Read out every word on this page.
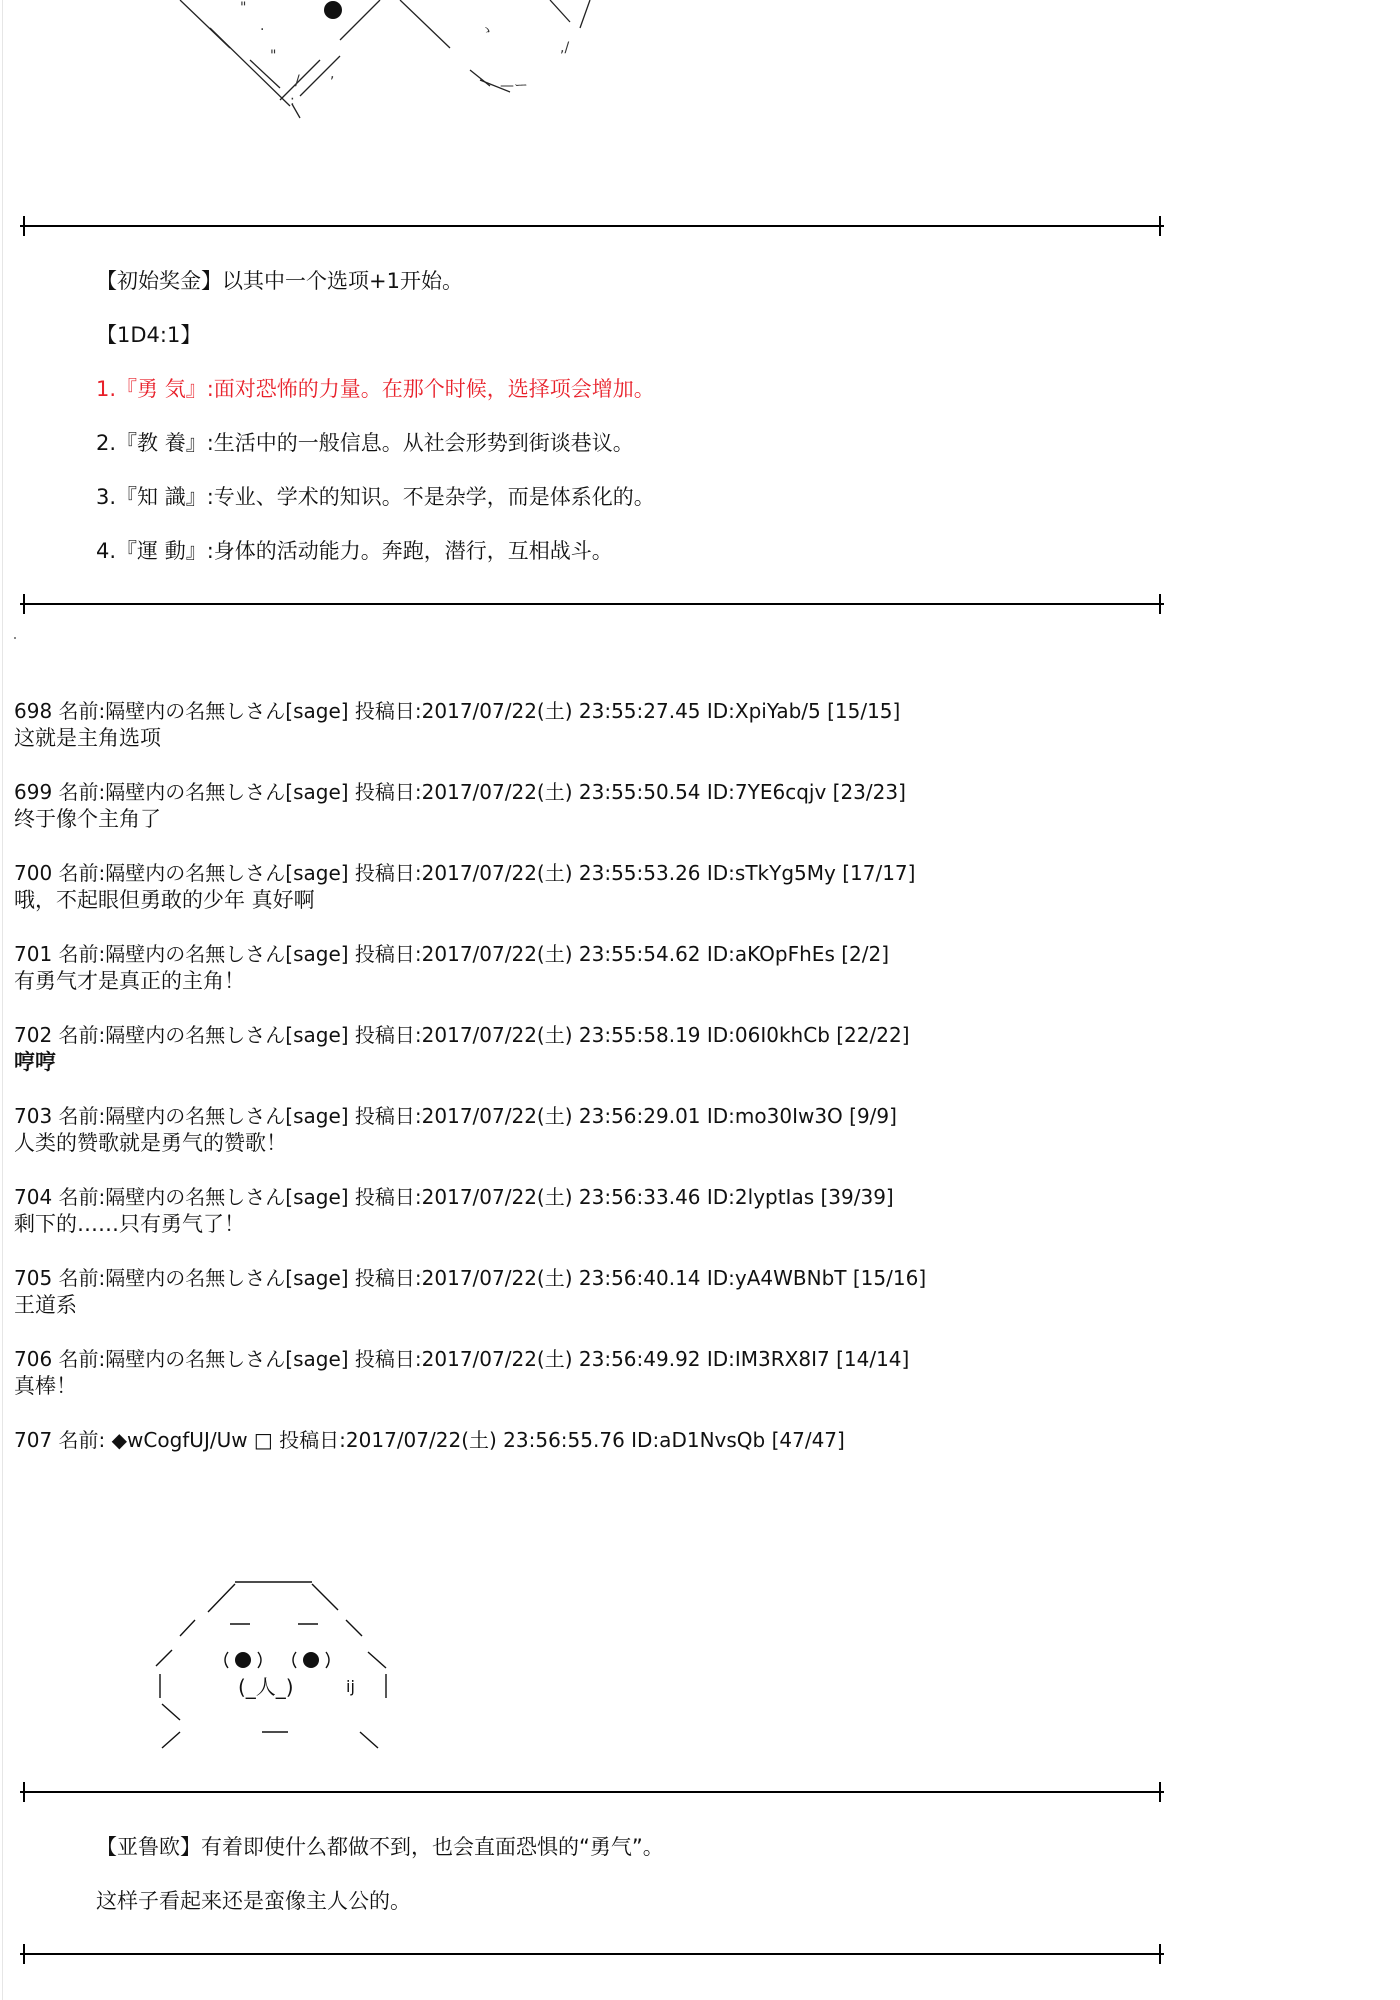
"
.
"
/
:
ゝ
,/
—ー
,

【初始奖金】以其中一个选项+1开始。

【1D4:1】

1.『勇 気』:面对恐怖的力量。在那个时候，选择项会增加。

2.『教 養』:生活中的一般信息。从社会形势到街谈巷议。

3.『知 識』:专业、学术的知识。不是杂学，而是体系化的。

4.『運 動』:身体的活动能力。奔跑，潜行，互相战斗。

698 名前:隔壁内の名無しさん[sage] 投稿日:2017/07/22(土) 23:55:27.45 ID:XpiYab/5 [15/15]
这就是主角选项
699 名前:隔壁内の名無しさん[sage] 投稿日:2017/07/22(土) 23:55:50.54 ID:7YE6cqjv [23/23]
终于像个主角了
700 名前:隔壁内の名無しさん[sage] 投稿日:2017/07/22(土) 23:55:53.26 ID:sTkYg5My [17/17]
哦，不起眼但勇敢的少年 真好啊
701 名前:隔壁内の名無しさん[sage] 投稿日:2017/07/22(土) 23:55:54.62 ID:aKOpFhEs [2/2]
有勇气才是真正的主角！
702 名前:隔壁内の名無しさん[sage] 投稿日:2017/07/22(土) 23:55:58.19 ID:06I0khCb [22/22]
哼哼
703 名前:隔壁内の名無しさん[sage] 投稿日:2017/07/22(土) 23:56:29.01 ID:mo30Iw3O [9/9]
人类的赞歌就是勇气的赞歌！
704 名前:隔壁内の名無しさん[sage] 投稿日:2017/07/22(土) 23:56:33.46 ID:2lyptIas [39/39]
剩下的……只有勇气了！
705 名前:隔壁内の名無しさん[sage] 投稿日:2017/07/22(土) 23:56:40.14 ID:yA4WBNbT [15/16]
王道系
706 名前:隔壁内の名無しさん[sage] 投稿日:2017/07/22(土) 23:56:49.92 ID:IM3RX8I7 [14/14]
真棒！
707 名前: ◆wCogfUJ/Uw □ 投稿日:2017/07/22(土) 23:56:55.76 ID:aD1NvsQb [47/47]
(_人_)	ij

【亚鲁欧】有着即使什么都做不到，也会直面恐惧的“勇气”。

这样子看起来还是蛮像主人公的。
